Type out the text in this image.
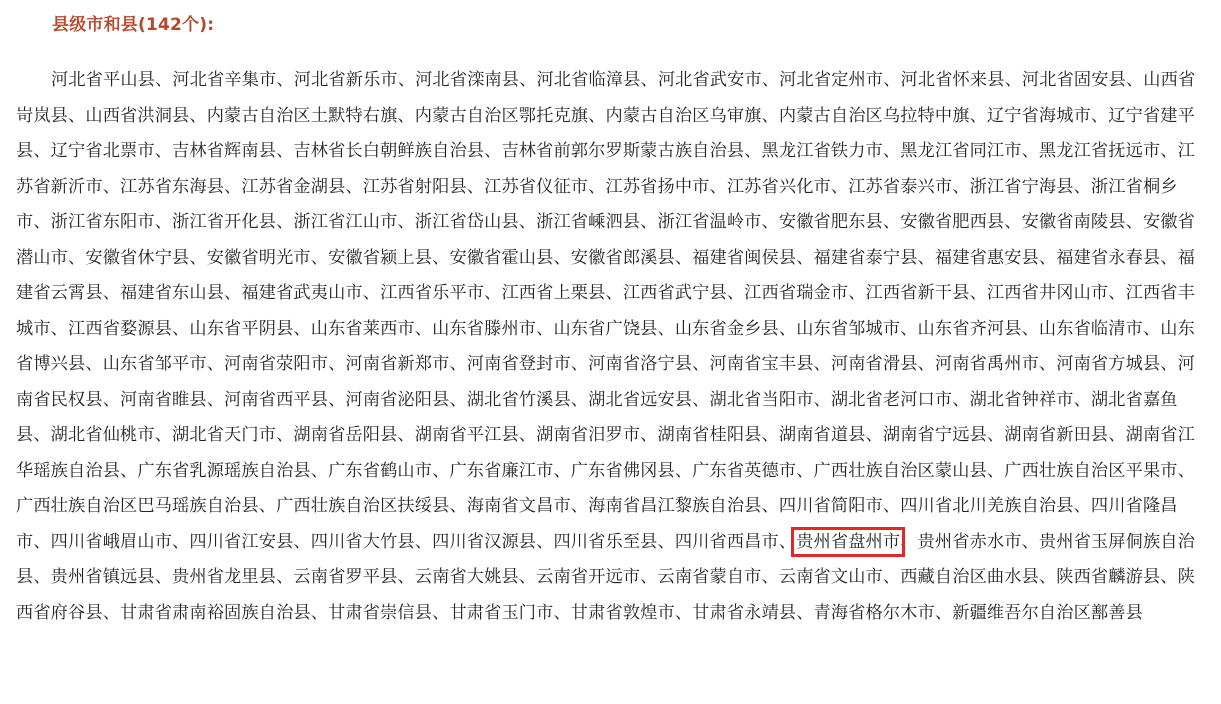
县级市和县(142个):

河北省平山县、河北省辛集市、河北省新乐市、河北省滦南县、河北省临漳县、河北省武安市、河北省定州市、河北省怀来县、河北省固安县、山西省岢岚县、山西省洪洞县、内蒙古自治区土默特右旗、内蒙古自治区鄂托克旗、内蒙古自治区乌审旗、内蒙古自治区乌拉特中旗、辽宁省海城市、辽宁省建平县、辽宁省北票市、吉林省辉南县、吉林省长白朝鲜族自治县、吉林省前郭尔罗斯蒙古族自治县、黑龙江省铁力市、黑龙江省同江市、黑龙江省抚远市、江苏省新沂市、江苏省东海县、江苏省金湖县、江苏省射阳县、江苏省仪征市、江苏省扬中市、江苏省兴化市、江苏省泰兴市、浙江省宁海县、浙江省桐乡市、浙江省东阳市、浙江省开化县、浙江省江山市、浙江省岱山县、浙江省嵊泗县、浙江省温岭市、安徽省肥东县、安徽省肥西县、安徽省南陵县、安徽省潜山市、安徽省休宁县、安徽省明光市、安徽省颍上县、安徽省霍山县、安徽省郎溪县、福建省闽侯县、福建省泰宁县、福建省惠安县、福建省永春县、福建省云霄县、福建省东山县、福建省武夷山市、江西省乐平市、江西省上栗县、江西省武宁县、江西省瑞金市、江西省新干县、江西省井冈山市、江西省丰城市、江西省婺源县、山东省平阴县、山东省莱西市、山东省滕州市、山东省广饶县、山东省金乡县、山东省邹城市、山东省齐河县、山东省临清市、山东省博兴县、山东省邹平市、河南省荥阳市、河南省新郑市、河南省登封市、河南省洛宁县、河南省宝丰县、河南省滑县、河南省禹州市、河南省方城县、河南省民权县、河南省睢县、河南省西平县、河南省泌阳县、湖北省竹溪县、湖北省远安县、湖北省当阳市、湖北省老河口市、湖北省钟祥市、湖北省嘉鱼县、湖北省仙桃市、湖北省天门市、湖南省岳阳县、湖南省平江县、湖南省汨罗市、湖南省桂阳县、湖南省道县、湖南省宁远县、湖南省新田县、湖南省江华瑶族自治县、广东省乳源瑶族自治县、广东省鹤山市、广东省廉江市、广东省佛冈县、广东省英德市、广西壮族自治区蒙山县、广西壮族自治区平果市、广西壮族自治区巴马瑶族自治县、广西壮族自治区扶绥县、海南省文昌市、海南省昌江黎族自治县、四川省简阳市、四川省北川羌族自治县、四川省隆昌市、四川省峨眉山市、四川省江安县、四川省大竹县、四川省汉源县、四川省乐至县、四川省西昌市、贵州省盘州市、贵州省赤水市、贵州省玉屏侗族自治县、贵州省镇远县、贵州省龙里县、云南省罗平县、云南省大姚县、云南省开远市、云南省蒙自市、云南省文山市、西藏自治区曲水县、陕西省麟游县、陕西省府谷县、甘肃省肃南裕固族自治县、甘肃省崇信县、甘肃省玉门市、甘肃省敦煌市、甘肃省永靖县、青海省格尔木市、新疆维吾尔自治区鄯善县
